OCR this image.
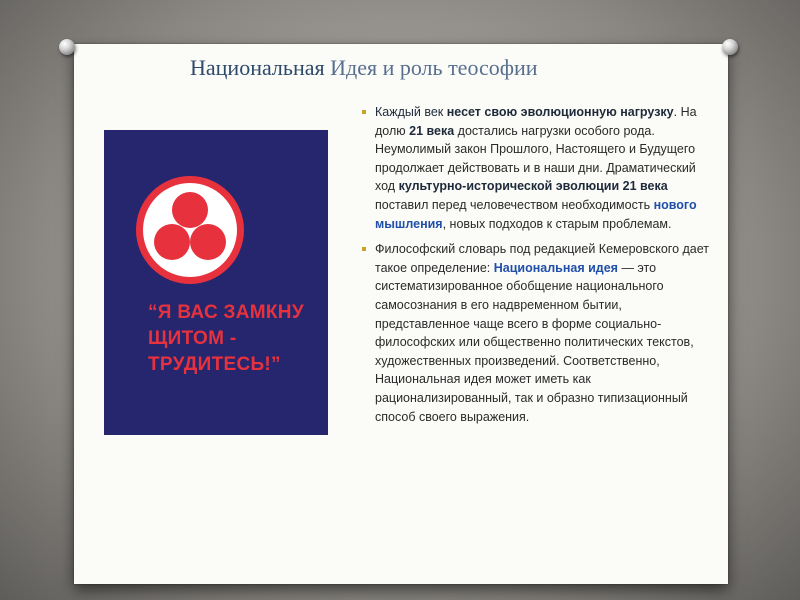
Национальная Идея и роль теософии
“Я ВАС ЗАМКНУ ЩИТОМ - ТРУДИТЕСЬ!”
Каждый век несет свою эволюционную нагрузку. На долю 21 века достались нагрузки особого рода. Неумолимый закон Прошлого, Настоящего и Будущего продолжает действовать и в наши дни. Драматический ход культурно-исторической эволюции 21 века поставил перед человечеством необходимость нового мышления, новых подходов к старым проблемам.
Философский словарь под редакцией Кемеровского дает такое определение: Национальная идея — это систематизированное обобщение национального самосознания в его надвременном бытии, представленное чаще всего в форме социально-философских или общественно политических текстов, художественных произведений. Соответственно, Национальная идея может иметь как рационализированный, так и образно типизационный способ своего выражения.
